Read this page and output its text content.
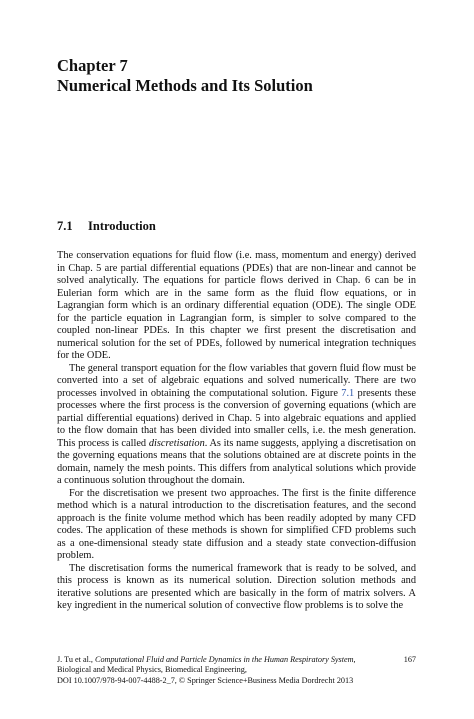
Chapter 7
Numerical Methods and Its Solution
7.1 Introduction

The conservation equations for fluid flow (i.e. mass, momentum and energy) derived in Chap. 5 are partial differential equations (PDEs) that are non-linear and cannot be solved analytically. The equations for particle flows derived in Chap. 6 can be in Eulerian form which are in the same form as the fluid flow equations, or in Lagrangian form which is an ordinary differential equation (ODE). The single ODE for the particle equation in Lagrangian form, is simpler to solve compared to the coupled non-linear PDEs. In this chapter we first present the discretisation and numerical solution for the set of PDEs, followed by numerical integration techniques for the ODE.

The general transport equation for the flow variables that govern fluid flow must be converted into a set of algebraic equations and solved numerically. There are two processes involved in obtaining the computational solution. Figure 7.1 presents these processes where the first process is the conversion of governing equations (which are partial differential equations) derived in Chap. 5 into algebraic equations and applied to the flow domain that has been divided into smaller cells, i.e. the mesh generation. This process is called discretisation. As its name suggests, applying a discretisation on the governing equations means that the solutions obtained are at discrete points in the domain, namely the mesh points. This differs from analytical solutions which provide a continuous solution throughout the domain.

For the discretisation we present two approaches. The first is the finite difference method which is a natural introduction to the discretisation features, and the second approach is the finite volume method which has been readily adopted by many CFD codes. The application of these methods is shown for simplified CFD problems such as a one-dimensional steady state diffusion and a steady state convection-diffusion problem.

The discretisation forms the numerical framework that is ready to be solved, and this process is known as its numerical solution. Direction solution methods and iterative solutions are presented which are basically in the form of matrix solvers. A key ingredient in the numerical solution of convective flow problems is to solve the

J. Tu et al., Computational Fluid and Particle Dynamics in the Human Respiratory System,	167
Biological and Medical Physics, Biomedical Engineering,
DOI 10.1007/978-94-007-4488-2_7, © Springer Science+Business Media Dordrecht 2013
